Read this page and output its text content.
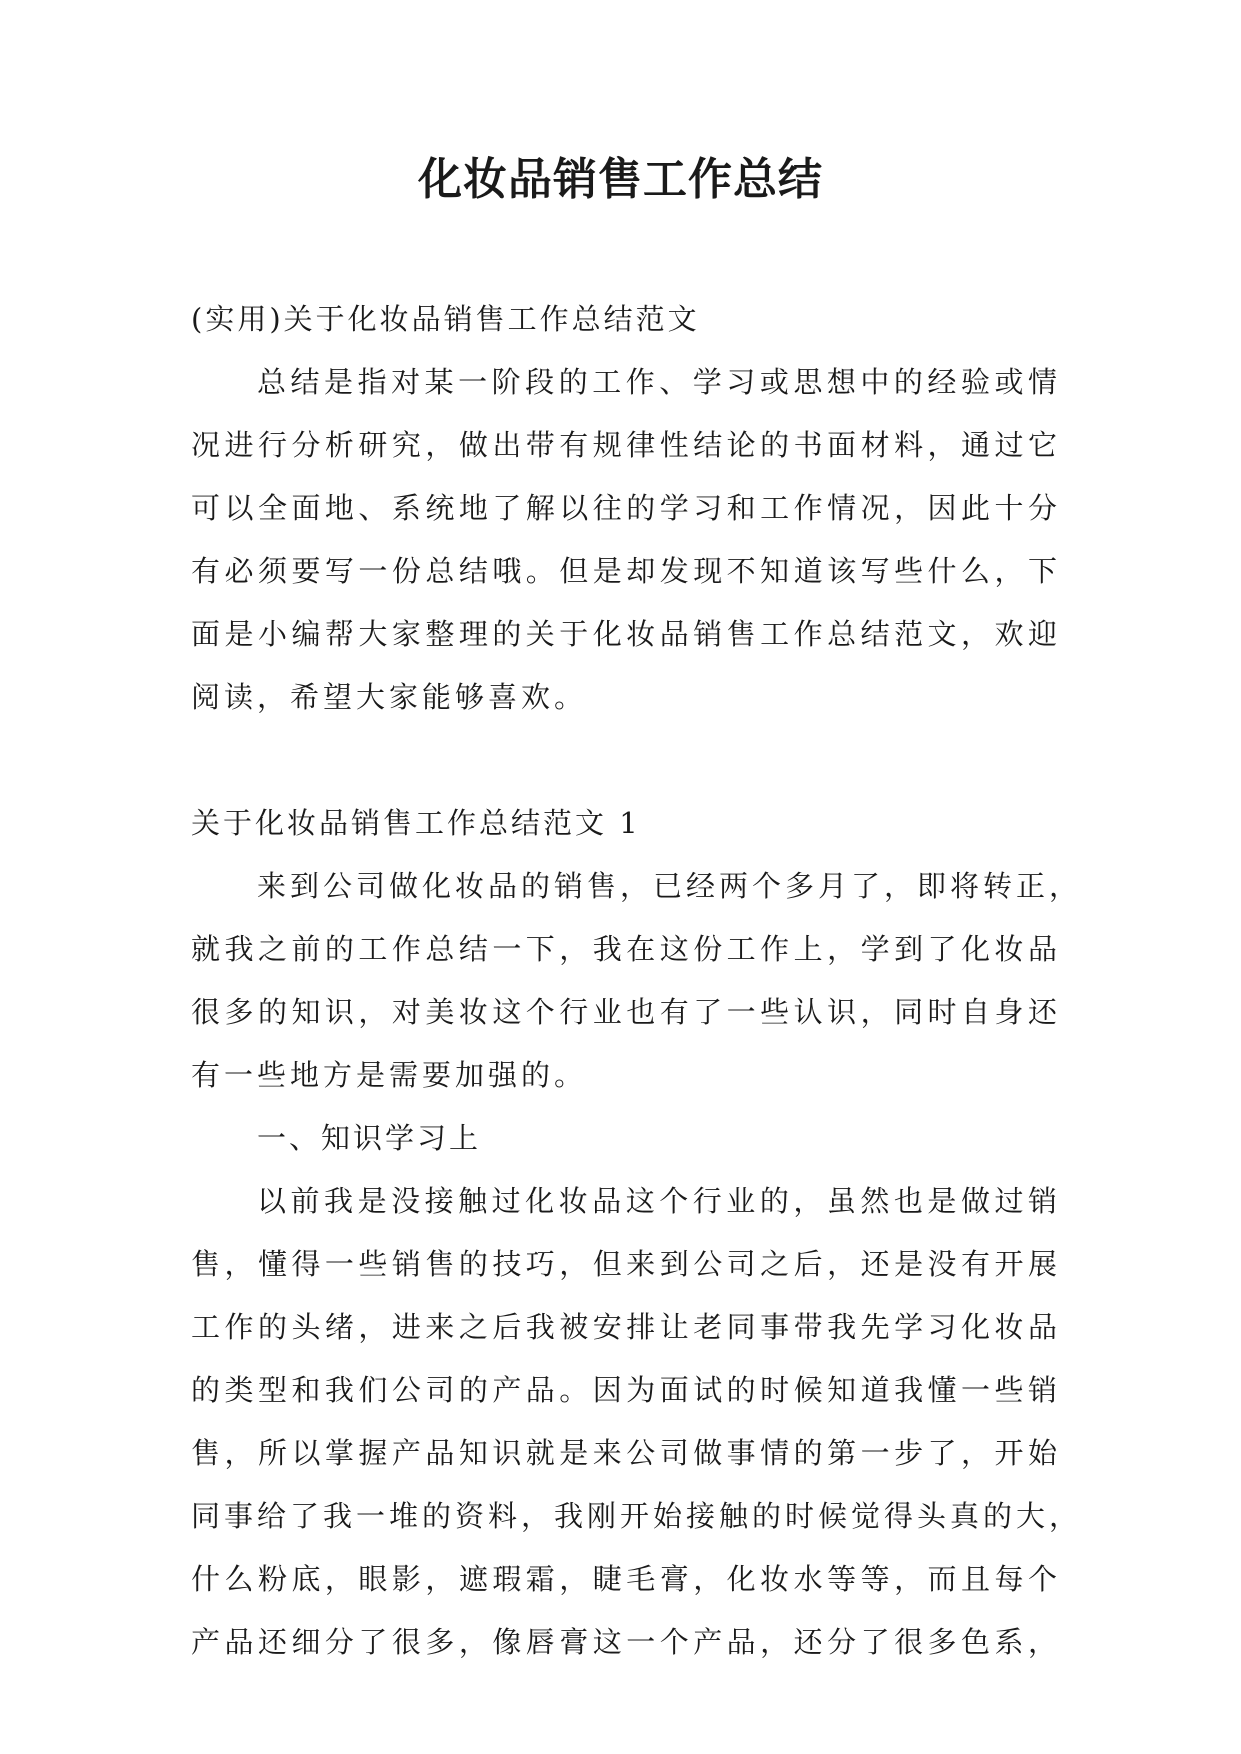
化妆品销售工作总结
(实用)关于化妆品销售工作总结范文
总结是指对某一阶段的工作、学习或思想中的经验或情
况进行分析研究，做出带有规律性结论的书面材料，通过它
可以全面地、系统地了解以往的学习和工作情况，因此十分
有必须要写一份总结哦。但是却发现不知道该写些什么，下
面是小编帮大家整理的关于化妆品销售工作总结范文，欢迎
阅读，希望大家能够喜欢。
关于化妆品销售工作总结范文 1
来到公司做化妆品的销售，已经两个多月了，即将转正，
就我之前的工作总结一下，我在这份工作上，学到了化妆品
很多的知识，对美妆这个行业也有了一些认识，同时自身还
有一些地方是需要加强的。
一、知识学习上
以前我是没接触过化妆品这个行业的，虽然也是做过销
售，懂得一些销售的技巧，但来到公司之后，还是没有开展
工作的头绪，进来之后我被安排让老同事带我先学习化妆品
的类型和我们公司的产品。因为面试的时候知道我懂一些销
售，所以掌握产品知识就是来公司做事情的第一步了，开始
同事给了我一堆的资料，我刚开始接触的时候觉得头真的大，
什么粉底，眼影，遮瑕霜，睫毛膏，化妆水等等，而且每个
产品还细分了很多，像唇膏这一个产品，还分了很多色系，
